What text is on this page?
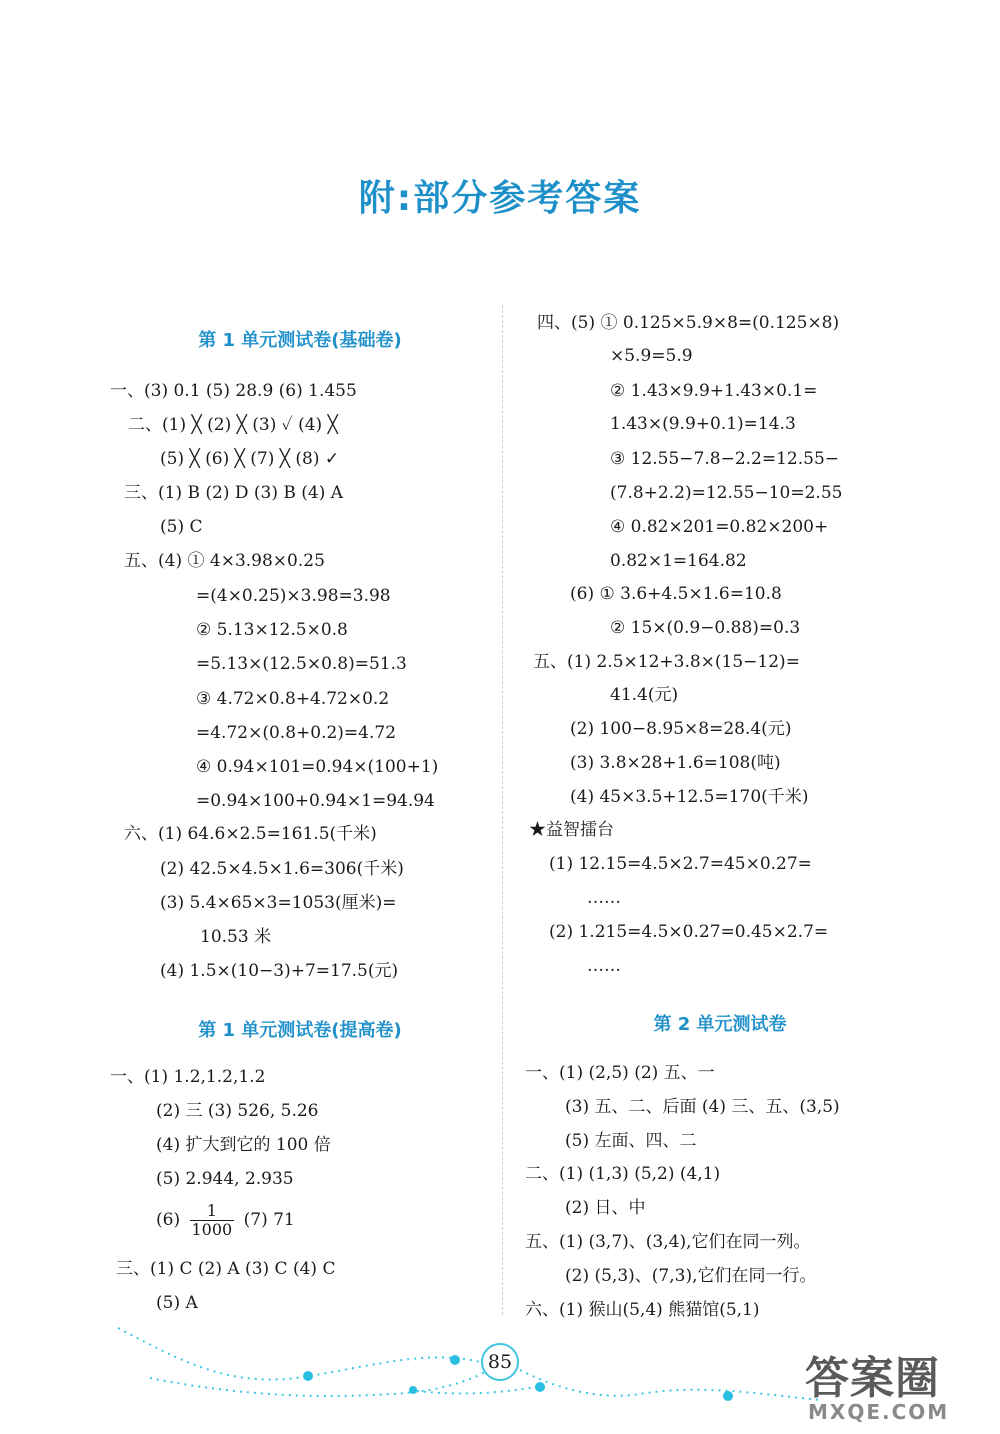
附:部分参考答案
第 1 单元测试卷(基础卷)
一、(3) 0.1 (5) 28.9 (6) 1.455
二、(1) ╳ (2) ╳ (3) ✓ (4) ╳
(5) ╳ (6) ╳ (7) ╳ (8) ✓
三、(1) B (2) D (3) B (4) A
(5) C
五、(4) ① 4×3.98×0.25
=(4×0.25)×3.98=3.98
② 5.13×12.5×0.8
=5.13×(12.5×0.8)=51.3
③ 4.72×0.8+4.72×0.2
=4.72×(0.8+0.2)=4.72
④ 0.94×101=0.94×(100+1)
=0.94×100+0.94×1=94.94
六、(1) 64.6×2.5=161.5(千米)
(2) 42.5×4.5×1.6=306(千米)
(3) 5.4×65×3=1053(厘米)=
10.53 米
(4) 1.5×(10−3)+7=17.5(元)
第 1 单元测试卷(提高卷)
一、(1) 1.2,1.2,1.2
(2) 三 (3) 526, 5.26
(4) 扩大到它的 100 倍
(5) 2.944, 2.935
$(6) \frac{1}{1000} (7)$ 71
三、(1) C (2) A (3) C (4) C
(5) A
四、(5) ① 0.125×5.9×8=(0.125×8)
×5.9=5.9
② 1.43×9.9+1.43×0.1=
1.43×(9.9+0.1)=14.3
③ 12.55−7.8−2.2=12.55−
(7.8+2.2)=12.55−10=2.55
④ 0.82×201=0.82×200+
0.82×1=164.82
(6) ① 3.6+4.5×1.6=10.8
② 15×(0.9−0.88)=0.3
五、(1) 2.5×12+3.8×(15−12)=
41.4(元)
(2) 100−8.95×8=28.4(元)
(3) 3.8×28+1.6=108(吨)
(4) 45×3.5+12.5=170(千米)
★益智擂台
(1) 12.15=4.5×2.7=45×0.27=
……
(2) 1.215=4.5×0.27=0.45×2.7=
……
第 2 单元测试卷
一、(1) (2,5) (2) 五、一
(3) 五、二、后面 (4) 三、五、(3,5)
(5) 左面、四、二
二、(1) (1,3) (5,2) (4,1)
(2) 日、中
五、(1) (3,7)、(3,4),它们在同一列。
(2) (5,3)、(7,3),它们在同一行。
六、(1) 猴山(5,4) 熊猫馆(5,1)
85	答案圈
MXQE.COM
